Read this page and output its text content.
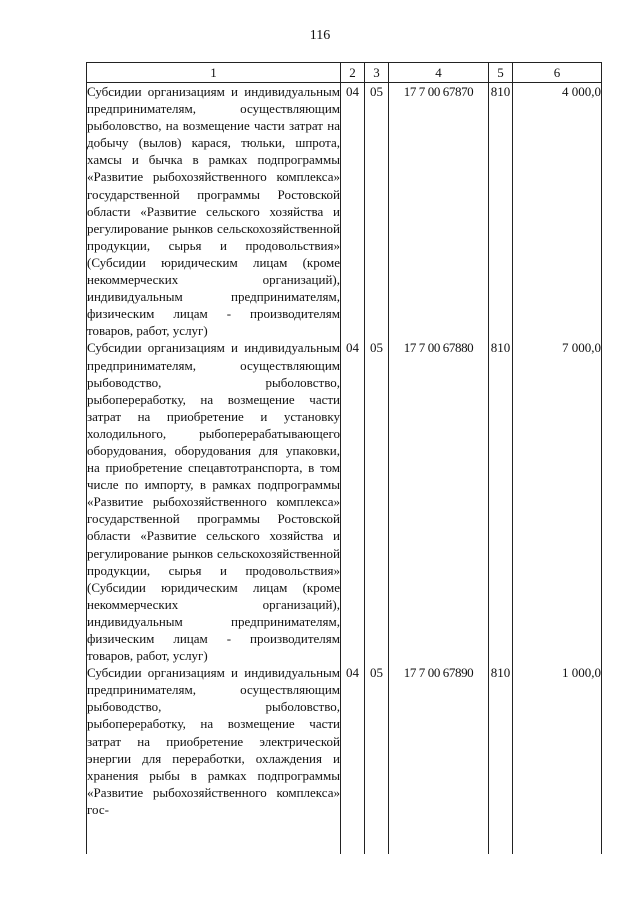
116
1	2	3	4	5	6
Субсидии организациям и индивидуальным предпринимателям, осуществляющим рыболовство, на возмещение части затрат на добычу (вылов) карася, тюльки, шпрота, хамсы и бычка в рамках подпрограммы «Развитие рыбохозяйственного комплекса» государственной программы Ростовской области «Развитие сельского хозяйства и регулирование рынков сельскохозяйственной продукции, сырья и продовольствия» (Субсидии юридическим лицам (кроме некоммерческих организаций), индивидуальным предпринимателям, физическим лицам - производителям товаров, работ, услуг)	04	05	17 7 00 67870	810	4 000,0
Субсидии организациям и индивидуальным предпринимателям, осуществляющим рыбоводство, рыболовство, рыбопереработку, на возмещение части затрат на приобретение и установку холодильного, рыбоперерабатывающего оборудования, оборудования для упаковки, на приобретение спецавтотранспорта, в том числе по импорту, в рамках подпрограммы «Развитие рыбохозяйственного комплекса» государственной программы Ростовской области «Развитие сельского хозяйства и регулирование рынков сельскохозяйственной продукции, сырья и продовольствия» (Субсидии юридическим лицам (кроме некоммерческих организаций), индивидуальным предпринимателям, физическим лицам - производителям товаров, работ, услуг)	04	05	17 7 00 67880	810	7 000,0
Субсидии организациям и индивидуальным предпринимателям, осуществляющим рыбоводство, рыболовство, рыбопереработку, на возмещение части затрат на приобретение электрической энергии для переработки, охлаждения и хранения рыбы в рамках подпрограммы «Развитие рыбохозяйственного комплекса» гос-	04	05	17 7 00 67890	810	1 000,0
